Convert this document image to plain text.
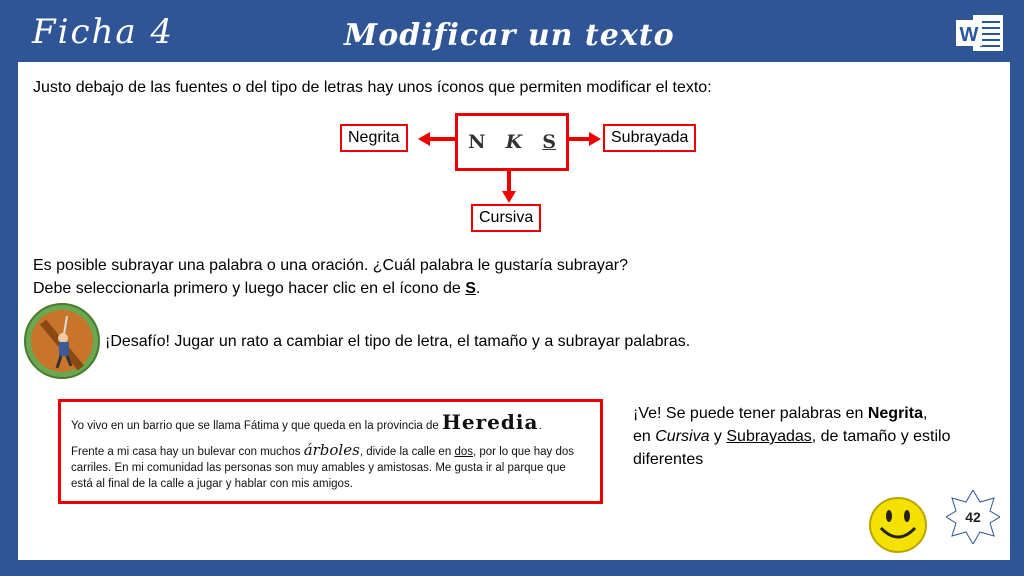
Ficha 4	Modificar un texto	W
Justo debajo de las fuentes o del tipo de letras hay unos íconos que permiten modificar el texto:
Negrita	N K S	Subrayada
Cursiva
Es posible subrayar una palabra o una oración. ¿Cuál palabra le gustaría subrayar?
Debe seleccionarla primero y luego hacer clic en el ícono de S.
¡Desafío! Jugar un rato a cambiar el tipo de letra, el tamaño y a subrayar palabras.

Yo vivo en un barrio que se llama Fátima y que queda en la provincia de Heredia.

Frente a mi casa hay un bulevar con muchos árboles, divide la calle en dos, por lo que hay dos carriles. En mi comunidad las personas son muy amables y amistosas. Me gusta ir al parque que está al final de la calle a jugar y hablar con mis amigos.

¡Ve! Se puede tener palabras en Negrita,
en Cursiva y Subrayadas, de tamaño y estilo diferentes
42
